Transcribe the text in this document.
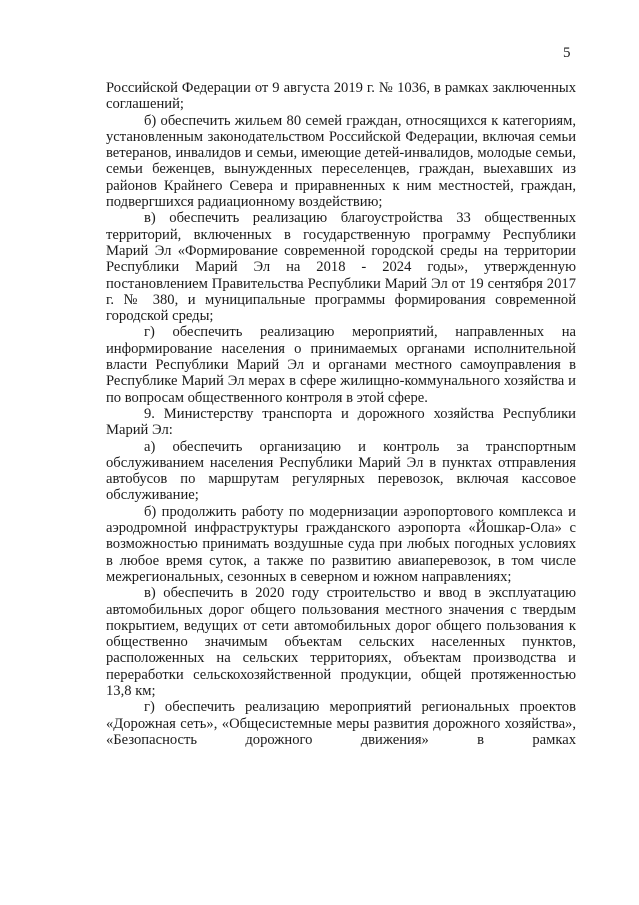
5

Российской Федерации от 9 августа 2019 г. № 1036, в рамках заключенных соглашений;

б) обеспечить жильем 80 семей граждан, относящихся к категориям, установленным законодательством Российской Федерации, включая семьи ветеранов, инвалидов и семьи, имеющие детей-инвалидов, молодые семьи, семьи беженцев, вынужденных переселенцев, граждан, выехавших из районов Крайнего Севера и приравненных к ним местностей, граждан, подвергшихся радиационному воздействию;

в) обеспечить реализацию благоустройства 33 общественных территорий, включенных в государственную программу Республики Марий Эл «Формирование современной городской среды на территории Республики Марий Эл на 2018 - 2024 годы», утвержденную постановлением Правительства Республики Марий Эл от 19 сентября 2017 г. № 380, и муниципальные программы формирования современной городской среды;

г) обеспечить реализацию мероприятий, направленных на информирование населения о принимаемых органами исполнительной власти Республики Марий Эл и органами местного самоуправления в Республике Марий Эл мерах в сфере жилищно-коммунального хозяйства и по вопросам общественного контроля в этой сфере.

9. Министерству транспорта и дорожного хозяйства Республики Марий Эл:

а) обеспечить организацию и контроль за транспортным обслуживанием населения Республики Марий Эл в пунктах отправления автобусов по маршрутам регулярных перевозок, включая кассовое обслуживание;

б) продолжить работу по модернизации аэропортового комплекса и аэродромной инфраструктуры гражданского аэропорта «Йошкар-Ола» с возможностью принимать воздушные суда при любых погодных условиях в любое время суток, а также по развитию авиаперевозок, в том числе межрегиональных, сезонных в северном и южном направлениях;

в) обеспечить в 2020 году строительство и ввод в эксплуатацию автомобильных дорог общего пользования местного значения с твердым покрытием, ведущих от сети автомобильных дорог общего пользования к общественно значимым объектам сельских населенных пунктов, расположенных на сельских территориях, объектам производства и переработки сельскохозяйственной продукции, общей протяженностью 13,8 км;

г) обеспечить реализацию мероприятий региональных проектов «Дорожная сеть», «Общесистемные меры развития дорожного хозяйства», «Безопасность дорожного движения» в рамках
